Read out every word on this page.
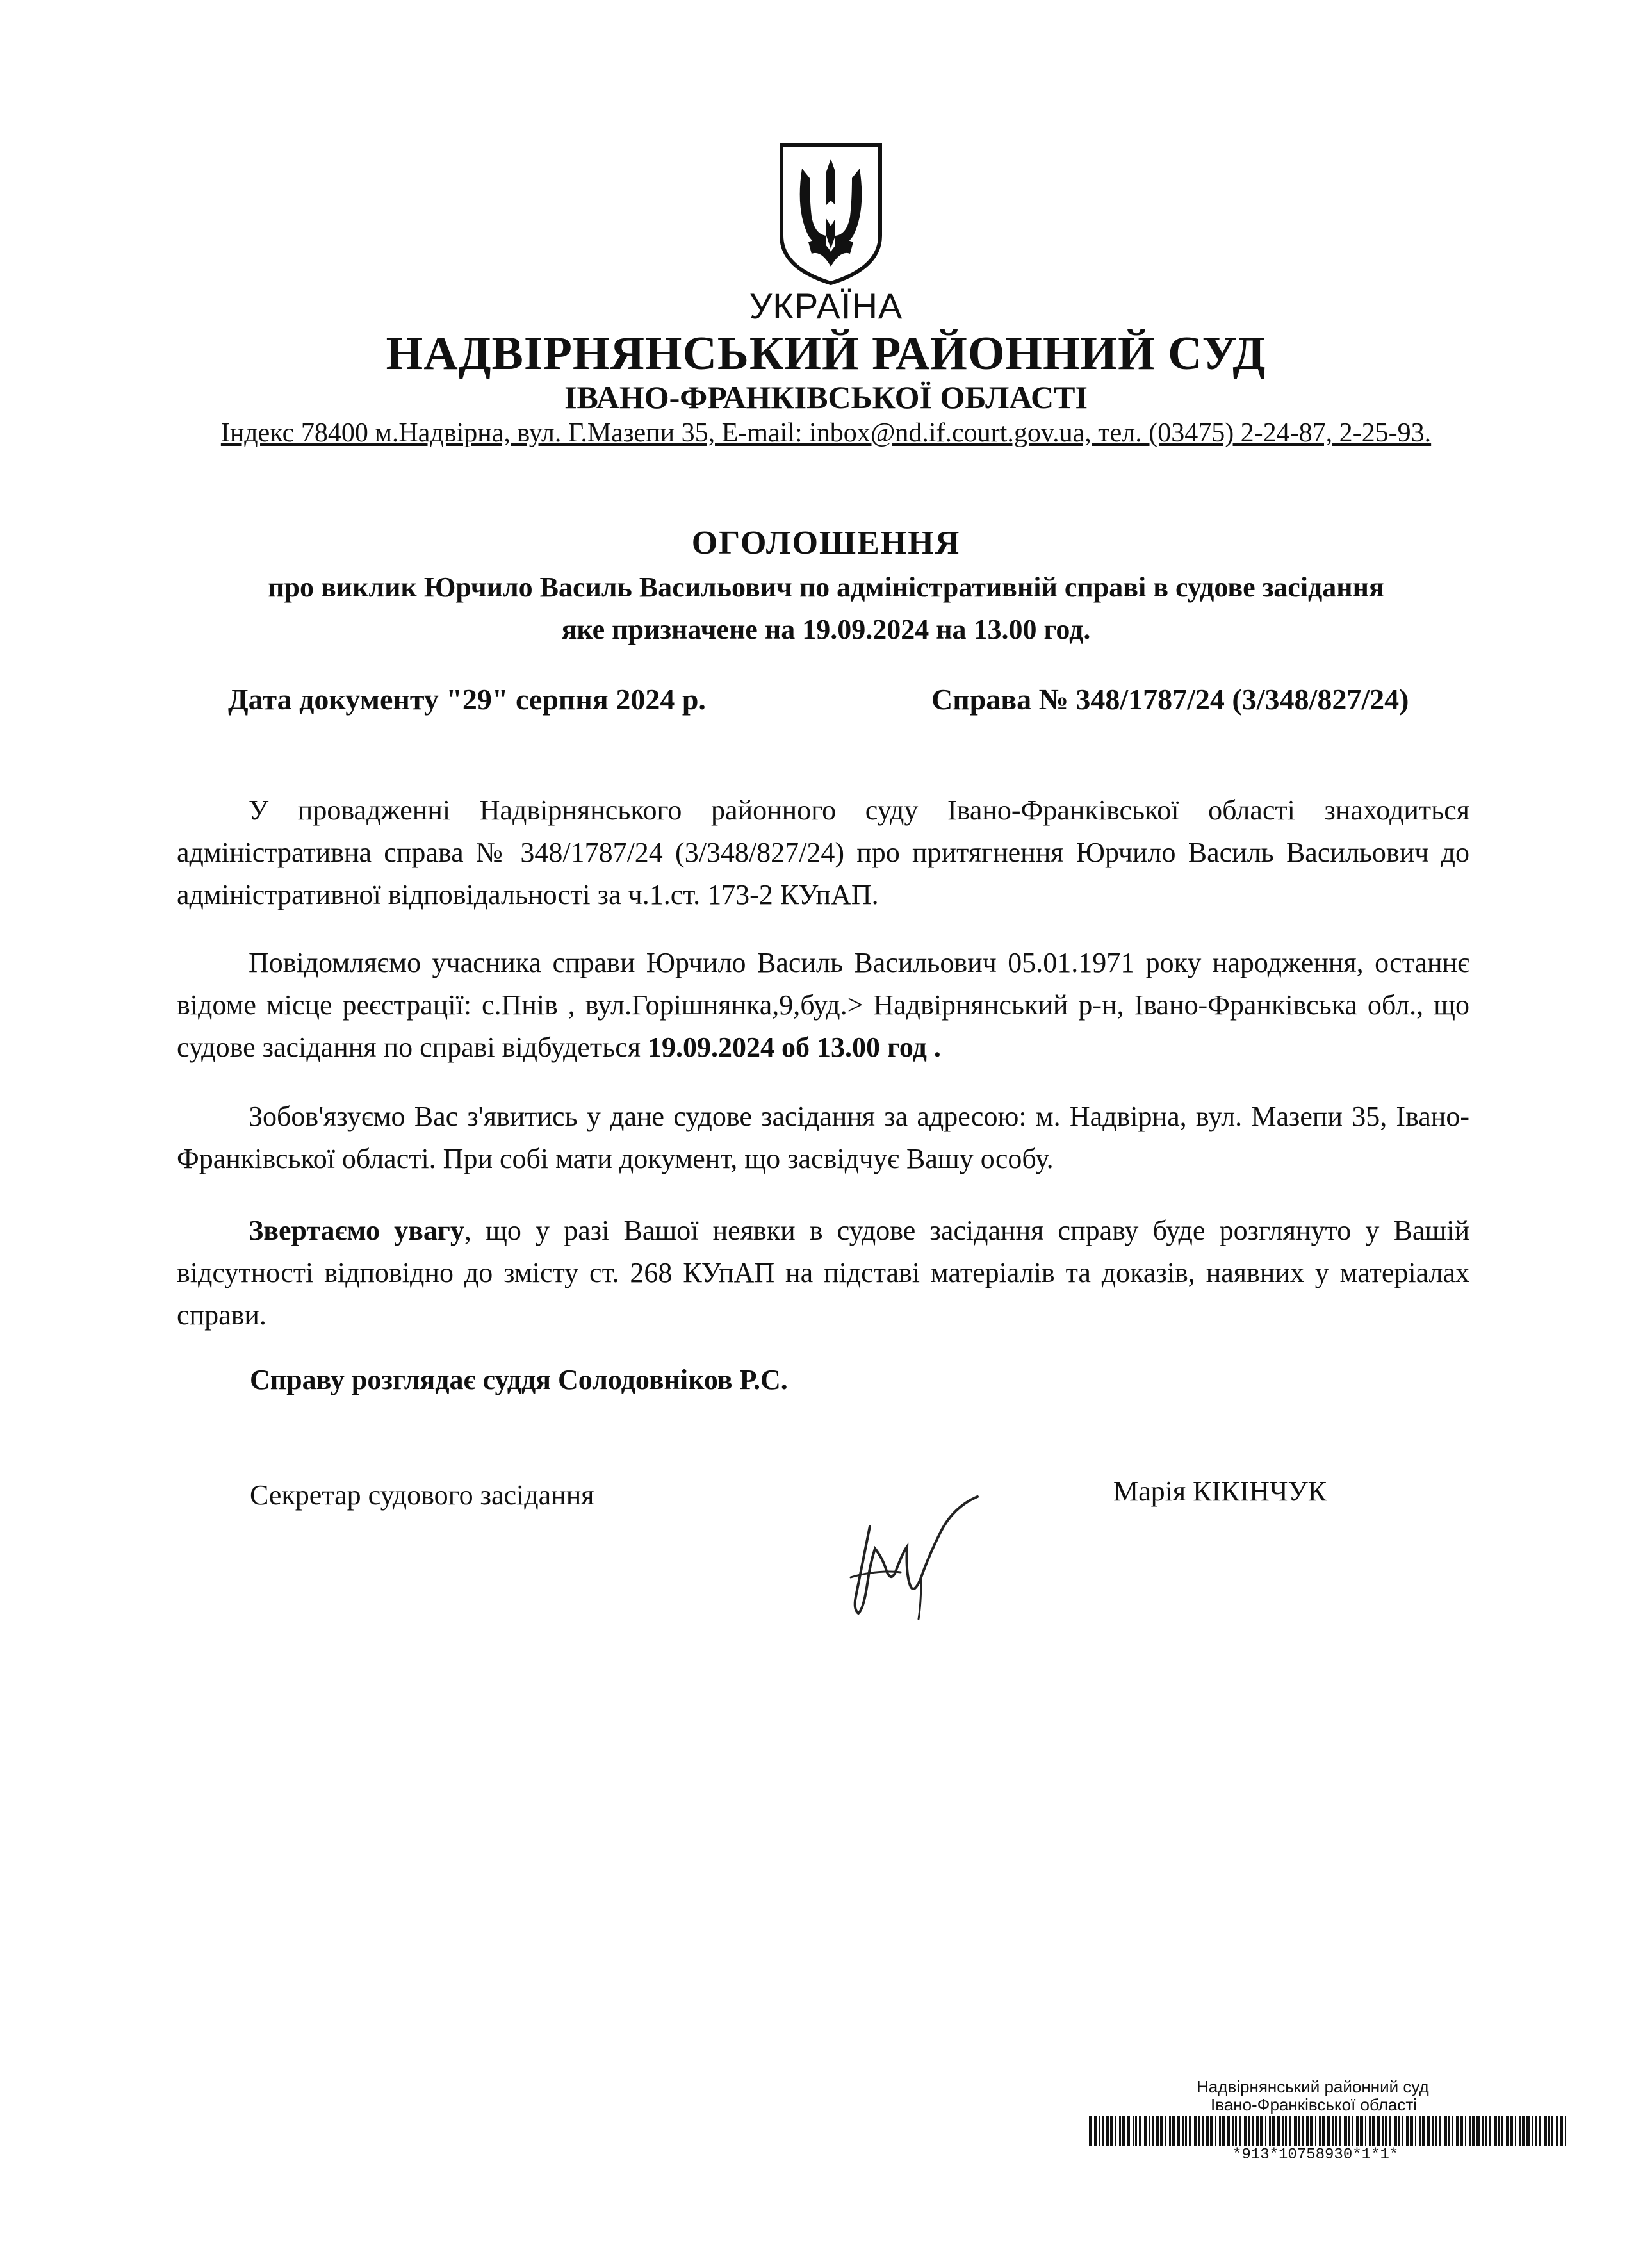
УКРАЇНА
НАДВІРНЯНСЬКИЙ РАЙОННИЙ СУД
ІВАНО-ФРАНКІВСЬКОЇ ОБЛАСТІ
Індекс 78400 м.Надвірна, вул. Г.Мазепи 35, E-mail: inbox@nd.if.court.gov.ua, тел. (03475) 2-24-87, 2-25-93.
ОГОЛОШЕННЯ
про виклик Юрчило Василь Васильович по адміністративній справі в судове засідання
яке призначене на 19.09.2024 на 13.00 год.
Дата документу "29" серпня 2024 р.	Справа № 348/1787/24 (3/348/827/24)

У провадженні Надвірнянського районного суду Івано-Франківської області знаходиться адміністративна справа № 348/1787/24 (3/348/827/24) про притягнення Юрчило Василь Васильович до адміністративної відповідальності за ч.1.ст. 173-2 КУпАП.

Повідомляємо учасника справи Юрчило Василь Васильович 05.01.1971 року народження, останнє відоме місце реєстрації: с.Пнів , вул.Горішнянка,9,буд.> Надвірнянський р-н, Івано-Франківська обл., що судове засідання по справі відбудеться 19.09.2024 об 13.00 год .

Зобов'язуємо Вас з'явитись у дане судове засідання за адресою: м. Надвірна, вул. Мазепи 35, Івано-Франківської області. При собі мати документ, що засвідчує Вашу особу.

Звертаємо увагу, що у разі Вашої неявки в судове засідання справу буде розглянуто у Вашій відсутності відповідно до змісту ст. 268 КУпАП на підставі матеріалів та доказів, наявних у матеріалах справи.

Справу розглядає суддя Солодовніков Р.С.
Секретар судового засідання	Марія КІКІНЧУК
Надвірнянський районний суд
Івано-Франківської області
*913*10758930*1*1*
